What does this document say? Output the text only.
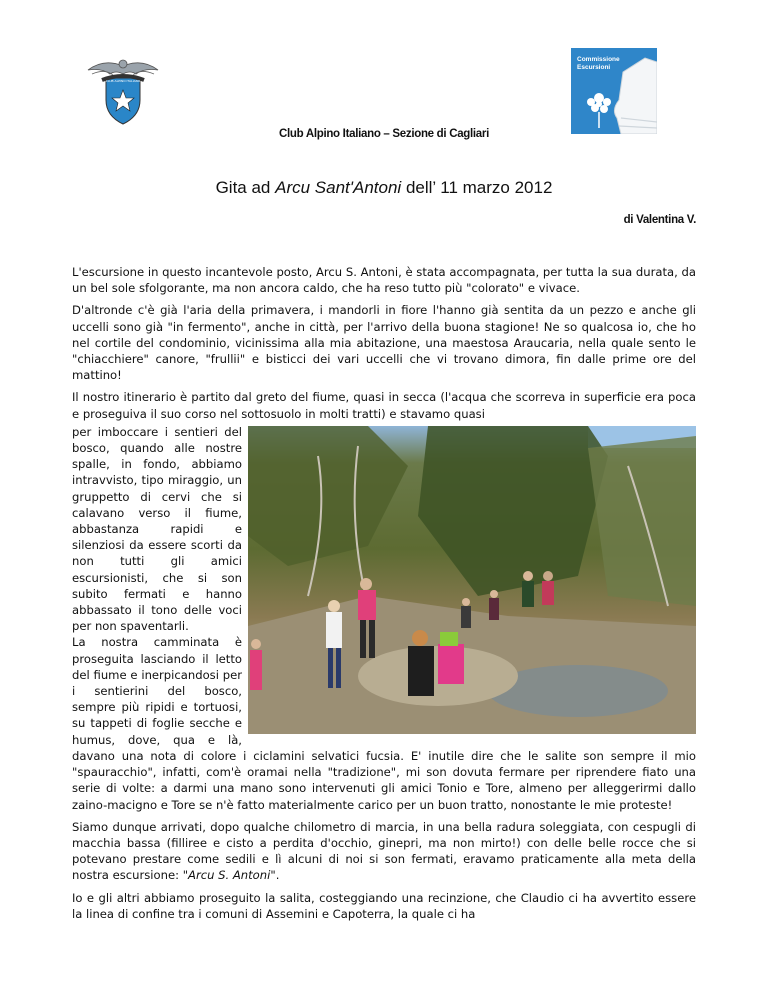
CLUB ALPINO ITALIANO
Commissione
Escursioni
Club Alpino Italiano – Sezione di Cagliari
Gita ad Arcu Sant'Antoni dell’ 11 marzo 2012
di Valentina V.

L'escursione in questo incantevole posto, Arcu S. Antoni, è stata accompagnata, per tutta la sua durata, da un bel sole sfolgorante, ma non ancora caldo, che ha reso tutto più "colorato" e vivace.

D'altronde c'è già l'aria della primavera, i mandorli in fiore l'hanno già sentita da un pezzo e anche gli uccelli sono già "in fermento", anche in città, per l'arrivo della buona stagione! Ne so qualcosa io, che ho nel cortile del condominio, vicinissima alla mia abitazione, una maestosa Araucaria, nella quale sento le "chiacchiere" canore, "frullii" e bisticci dei vari uccelli che vi trovano dimora, fin dalle prime ore del mattino!

Il nostro itinerario è partito dal greto del fiume, quasi in secca (l'acqua che scorreva in superficie era poca e proseguiva il suo corso nel sottosuolo in molti tratti) e stavamo quasi

per imboccare i sentieri del bosco, quando alle nostre spalle, in fondo, abbiamo intravvisto, tipo miraggio, un gruppetto di cervi che si calavano verso il fiume, abbastanza rapidi e silenziosi da essere scorti da non tutti gli amici escursionisti, che si son subito fermati e hanno abbassato il tono delle voci per non spaventarli.

La nostra camminata è proseguita lasciando il letto del fiume e inerpicandosi per i sentierini del bosco, sempre più ripidi e tortuosi, su tappeti di foglie secche e humus, dove, qua e là, davano una nota di colore i ciclamini selvatici fucsia. E' inutile dire che le salite son sempre il mio "spauracchio", infatti, com'è oramai nella "tradizione", mi son dovuta fermare per riprendere fiato una serie di volte: a darmi una mano sono intervenuti gli amici Tonio e Tore, almeno per alleggerirmi dallo zaino-macigno e Tore se n'è fatto materialmente carico per un buon tratto, nonostante le mie proteste!

Siamo dunque arrivati, dopo qualche chilometro di marcia, in una bella radura soleggiata, con cespugli di macchia bassa (filliree e cisto a perdita d'occhio, ginepri, ma non mirto!) con delle belle rocce che si potevano prestare come sedili e lì alcuni di noi si son fermati, eravamo praticamente alla meta della nostra escursione: "Arcu S. Antoni".

Io e gli altri abbiamo proseguito la salita, costeggiando una recinzione, che Claudio ci ha avvertito essere la linea di confine tra i comuni di Assemini e Capoterra, la quale ci ha
